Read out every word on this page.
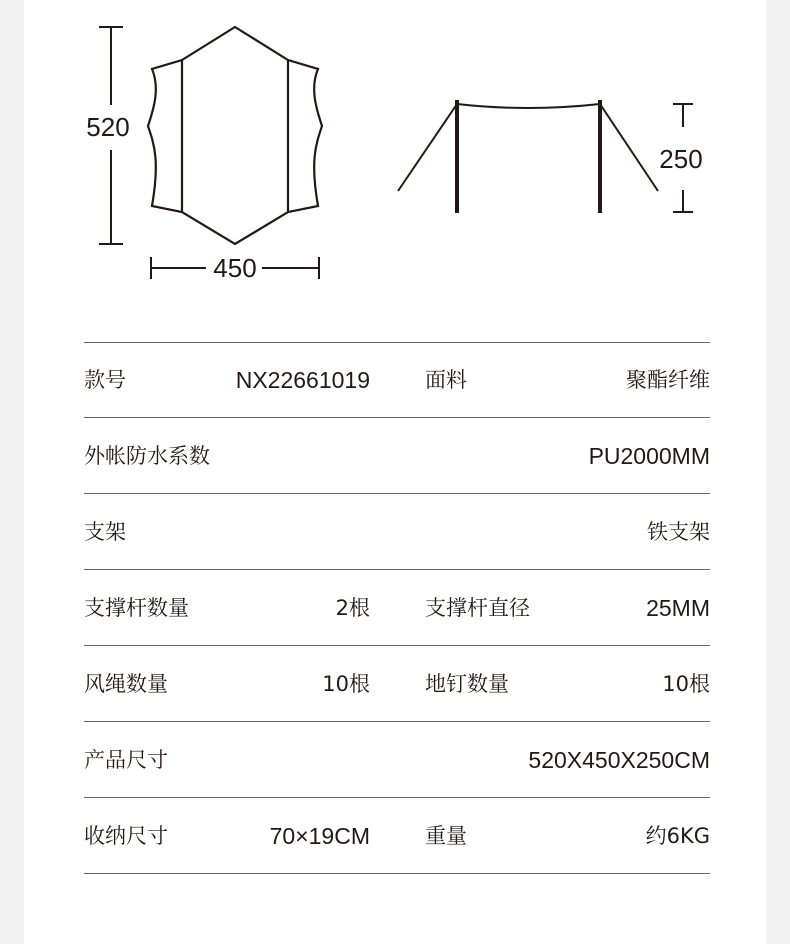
520
450
250
款号	NX22661019	面料	聚酯纤维
外帐防水系数	PU2000MM
支架	铁支架
支撑杆数量	2根	支撑杆直径	25MM
风绳数量	10根	地钉数量	10根
产品尺寸	520X450X250CM
收纳尺寸	70×19CM	重量	约6KG
